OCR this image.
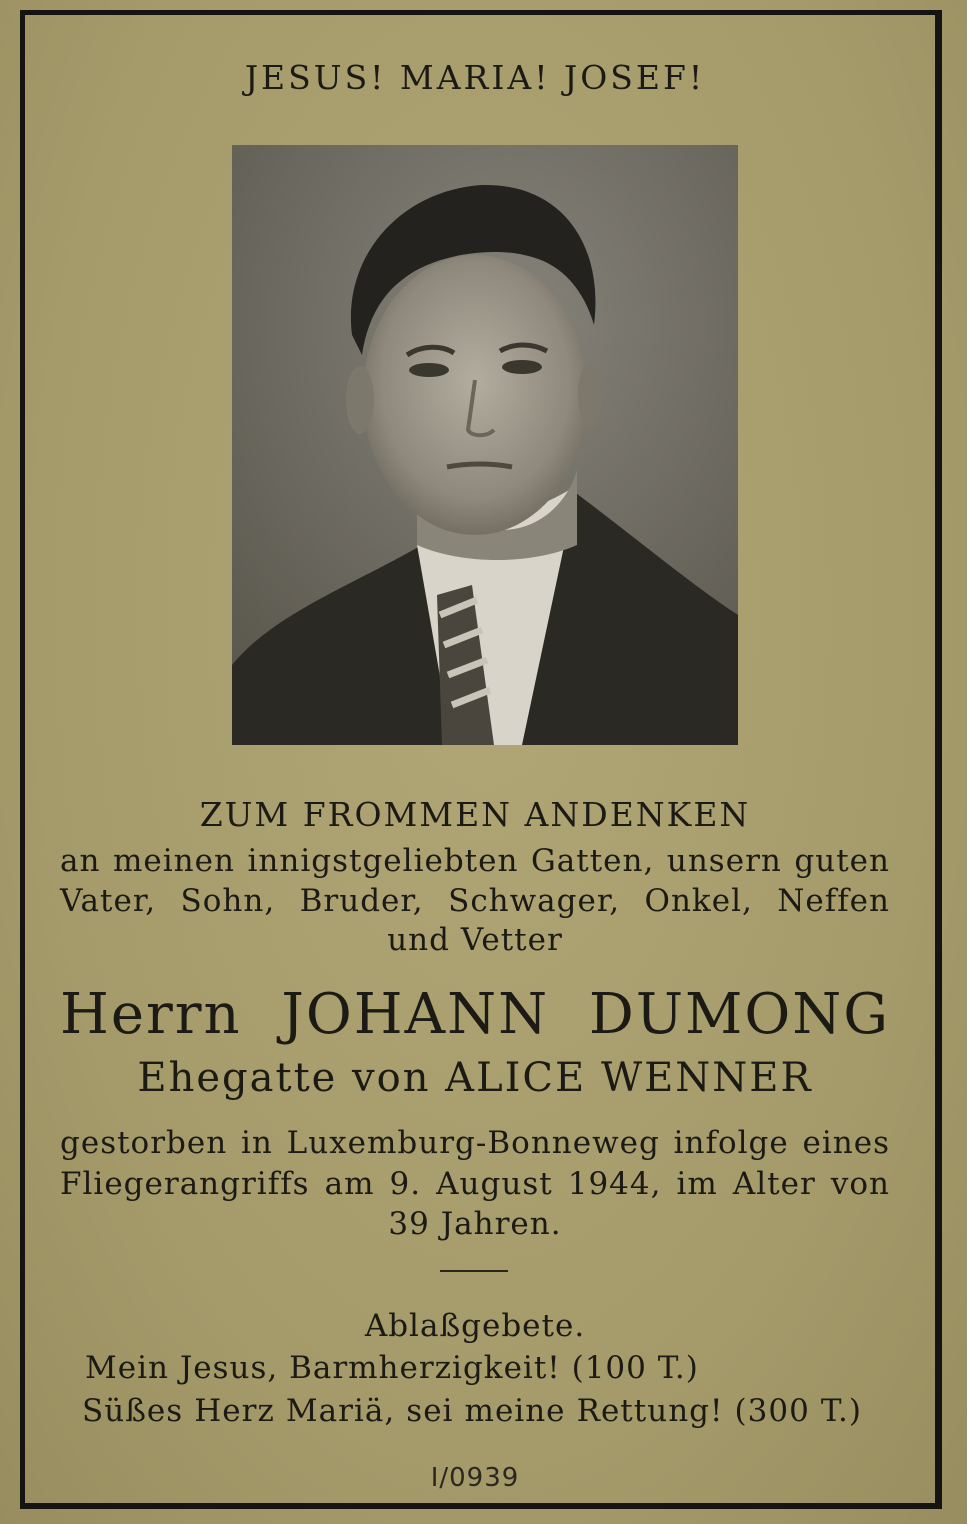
JESUS! MARIA! JOSEF!
ZUM FROMMEN ANDENKEN
an meinen innigstgeliebten Gatten, unsern guten
Vater, Sohn, Bruder, Schwager, Onkel, Neffen
und Vetter
Herrn JOHANN DUMONG
Ehegatte von ALICE WENNER
gestorben in Luxemburg-Bonneweg infolge eines
Fliegerangriffs am 9. August 1944, im Alter von
39 Jahren.
Ablaßgebete.
Mein Jesus, Barmherzigkeit! (100 T.)
Süßes Herz Mariä, sei meine Rettung! (300 T.)
I/0939
